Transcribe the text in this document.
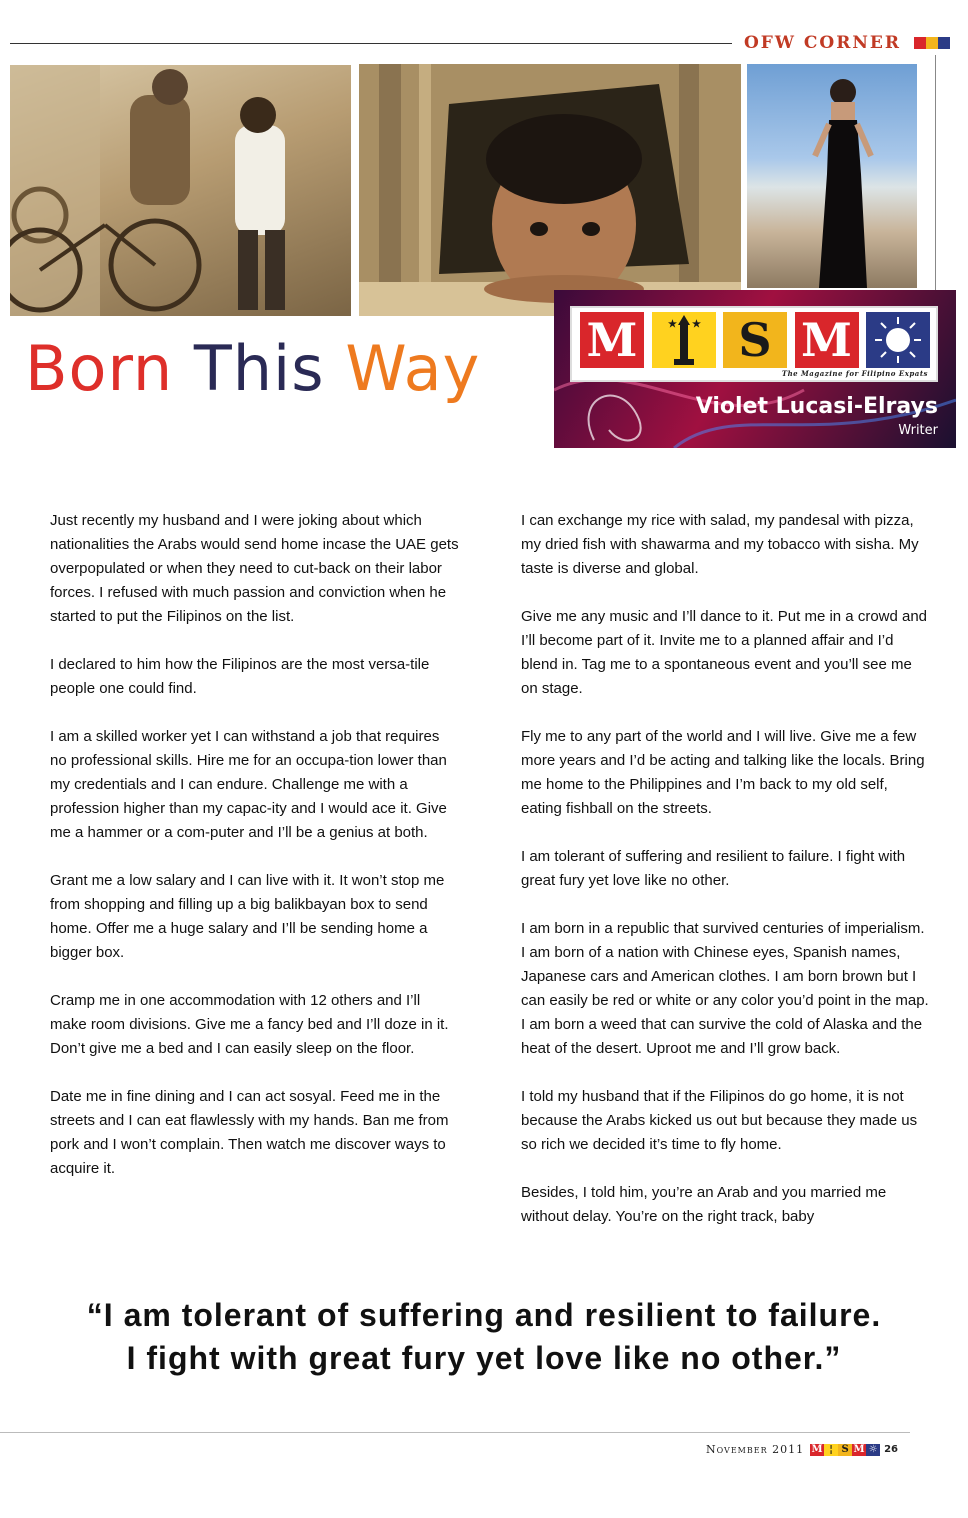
OFW CORNER
Born This Way M	★ ★ S M
The Magazine for Filipino Expats
Violet Lucasi-Elrays
Writer

Just recently my husband and I were joking about which nationalities the Arabs would send home incase the UAE gets overpopulated or when they need to cut-back on their labor forces. I refused with much passion and conviction when he started to put the Filipinos on the list.

I declared to him how the Filipinos are the most versa-tile people one could find.

I am a skilled worker yet I can withstand a job that requires no professional skills. Hire me for an occupa-tion lower than my credentials and I can endure. Challenge me with a profession higher than my capac-ity and I would ace it. Give me a hammer or a com-puter and I’ll be a genius at both.

Grant me a low salary and I can live with it. It won’t stop me from shopping and filling up a big balikbayan box to send home. Offer me a huge salary and I’ll be sending home a bigger box.

Cramp me in one accommodation with 12 others and I’ll make room divisions. Give me a fancy bed and I’ll doze in it. Don’t give me a bed and I can easily sleep on the floor.

Date me in fine dining and I can act sosyal. Feed me in the streets and I can eat flawlessly with my hands. Ban me from pork and I won’t complain. Then watch me discover ways to acquire it.

I can exchange my rice with salad, my pandesal with pizza, my dried fish with shawarma and my tobacco with sisha. My taste is diverse and global.

Give me any music and I’ll dance to it. Put me in a crowd and I’ll become part of it. Invite me to a planned affair and I’d blend in. Tag me to a spontaneous event and you’ll see me on stage.

Fly me to any part of the world and I will live. Give me a few more years and I’d be acting and talking like the locals. Bring me home to the Philippines and I’m back to my old self, eating fishball on the streets.

I am tolerant of suffering and resilient to failure. I fight with great fury yet love like no other.

I am born in a republic that survived centuries of imperialism. I am born of a nation with Chinese eyes, Spanish names, Japanese cars and American clothes. I am born brown but I can easily be red or white or any color you’d point in the map. I am born a weed that can survive the cold of Alaska and the heat of the desert. Uproot me and I’ll grow back.

I told my husband that if the Filipinos do go home, it is not because the Arabs kicked us out but because they made us so rich we decided it’s time to fly home.

Besides, I told him, you’re an Arab and you married me without delay. You’re on the right track, baby

“I am tolerant of suffering and resilient to failure. I fight with great fury yet love like no other.”
November 2011 M ¦ S M ☼ 26
